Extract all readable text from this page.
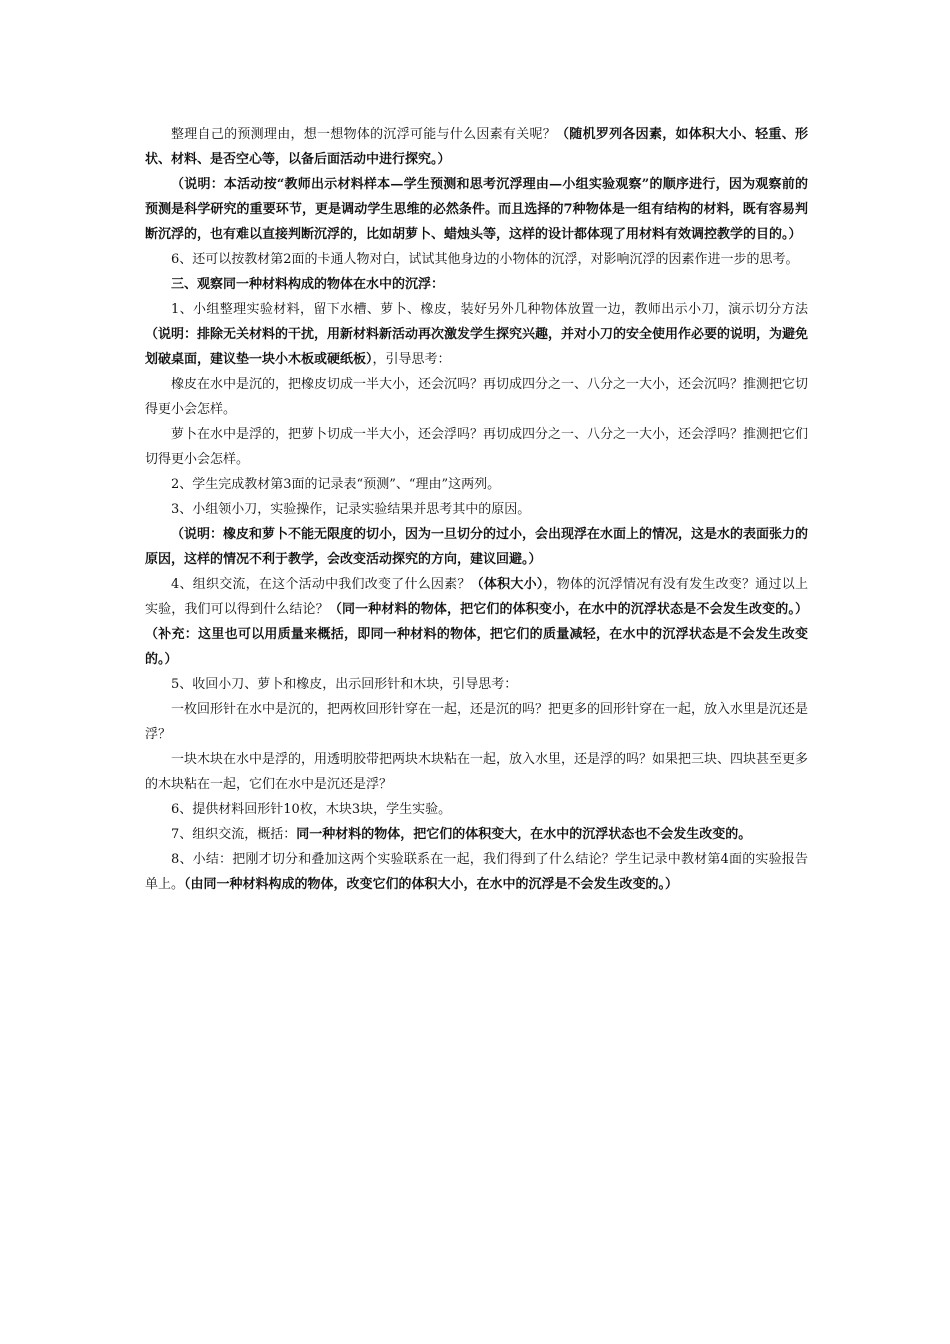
整理自己的预测理由，想一想物体的沉浮可能与什么因素有关呢？（随机罗列各因素，如体积大小、轻重、形状、材料、是否空心等，以备后面活动中进行探究。）

（说明：本活动按“教师出示材料样本—学生预测和思考沉浮理由—小组实验观察”的顺序进行，因为观察前的预测是科学研究的重要环节，更是调动学生思维的必然条件。而且选择的7种物体是一组有结构的材料，既有容易判断沉浮的，也有难以直接判断沉浮的，比如胡萝卜、蜡烛头等，这样的设计都体现了用材料有效调控教学的目的。）

6、还可以按教材第2面的卡通人物对白，试试其他身边的小物体的沉浮，对影响沉浮的因素作进一步的思考。

三、观察同一种材料构成的物体在水中的沉浮：

1、小组整理实验材料，留下水槽、萝卜、橡皮，装好另外几种物体放置一边，教师出示小刀，演示切分方法（说明：排除无关材料的干扰，用新材料新活动再次激发学生探究兴趣，并对小刀的安全使用作必要的说明，为避免划破桌面，建议垫一块小木板或硬纸板），引导思考：

橡皮在水中是沉的，把橡皮切成一半大小，还会沉吗？再切成四分之一、八分之一大小，还会沉吗？推测把它切得更小会怎样。

萝卜在水中是浮的，把萝卜切成一半大小，还会浮吗？再切成四分之一、八分之一大小，还会浮吗？推测把它们切得更小会怎样。

2、学生完成教材第3面的记录表“预测”、“理由”这两列。

3、小组领小刀，实验操作，记录实验结果并思考其中的原因。

（说明：橡皮和萝卜不能无限度的切小，因为一旦切分的过小，会出现浮在水面上的情况，这是水的表面张力的原因，这样的情况不利于教学，会改变活动探究的方向，建议回避。）

4、组织交流，在这个活动中我们改变了什么因素？（体积大小），物体的沉浮情况有没有发生改变？通过以上实验，我们可以得到什么结论？（同一种材料的物体，把它们的体积变小，在水中的沉浮状态是不会发生改变的。）（补充：这里也可以用质量来概括，即同一种材料的物体，把它们的质量减轻，在水中的沉浮状态是不会发生改变的。）

5、收回小刀、萝卜和橡皮，出示回形针和木块，引导思考：

一枚回形针在水中是沉的，把两枚回形针穿在一起，还是沉的吗？把更多的回形针穿在一起，放入水里是沉还是浮？

一块木块在水中是浮的，用透明胶带把两块木块粘在一起，放入水里，还是浮的吗？如果把三块、四块甚至更多的木块粘在一起，它们在水中是沉还是浮？

6、提供材料回形针10枚，木块3块，学生实验。

7、组织交流，概括：同一种材料的物体，把它们的体积变大，在水中的沉浮状态也不会发生改变的。

8、小结：把刚才切分和叠加这两个实验联系在一起，我们得到了什么结论？学生记录中教材第4面的实验报告单上。（由同一种材料构成的物体，改变它们的体积大小，在水中的沉浮是不会发生改变的。）
